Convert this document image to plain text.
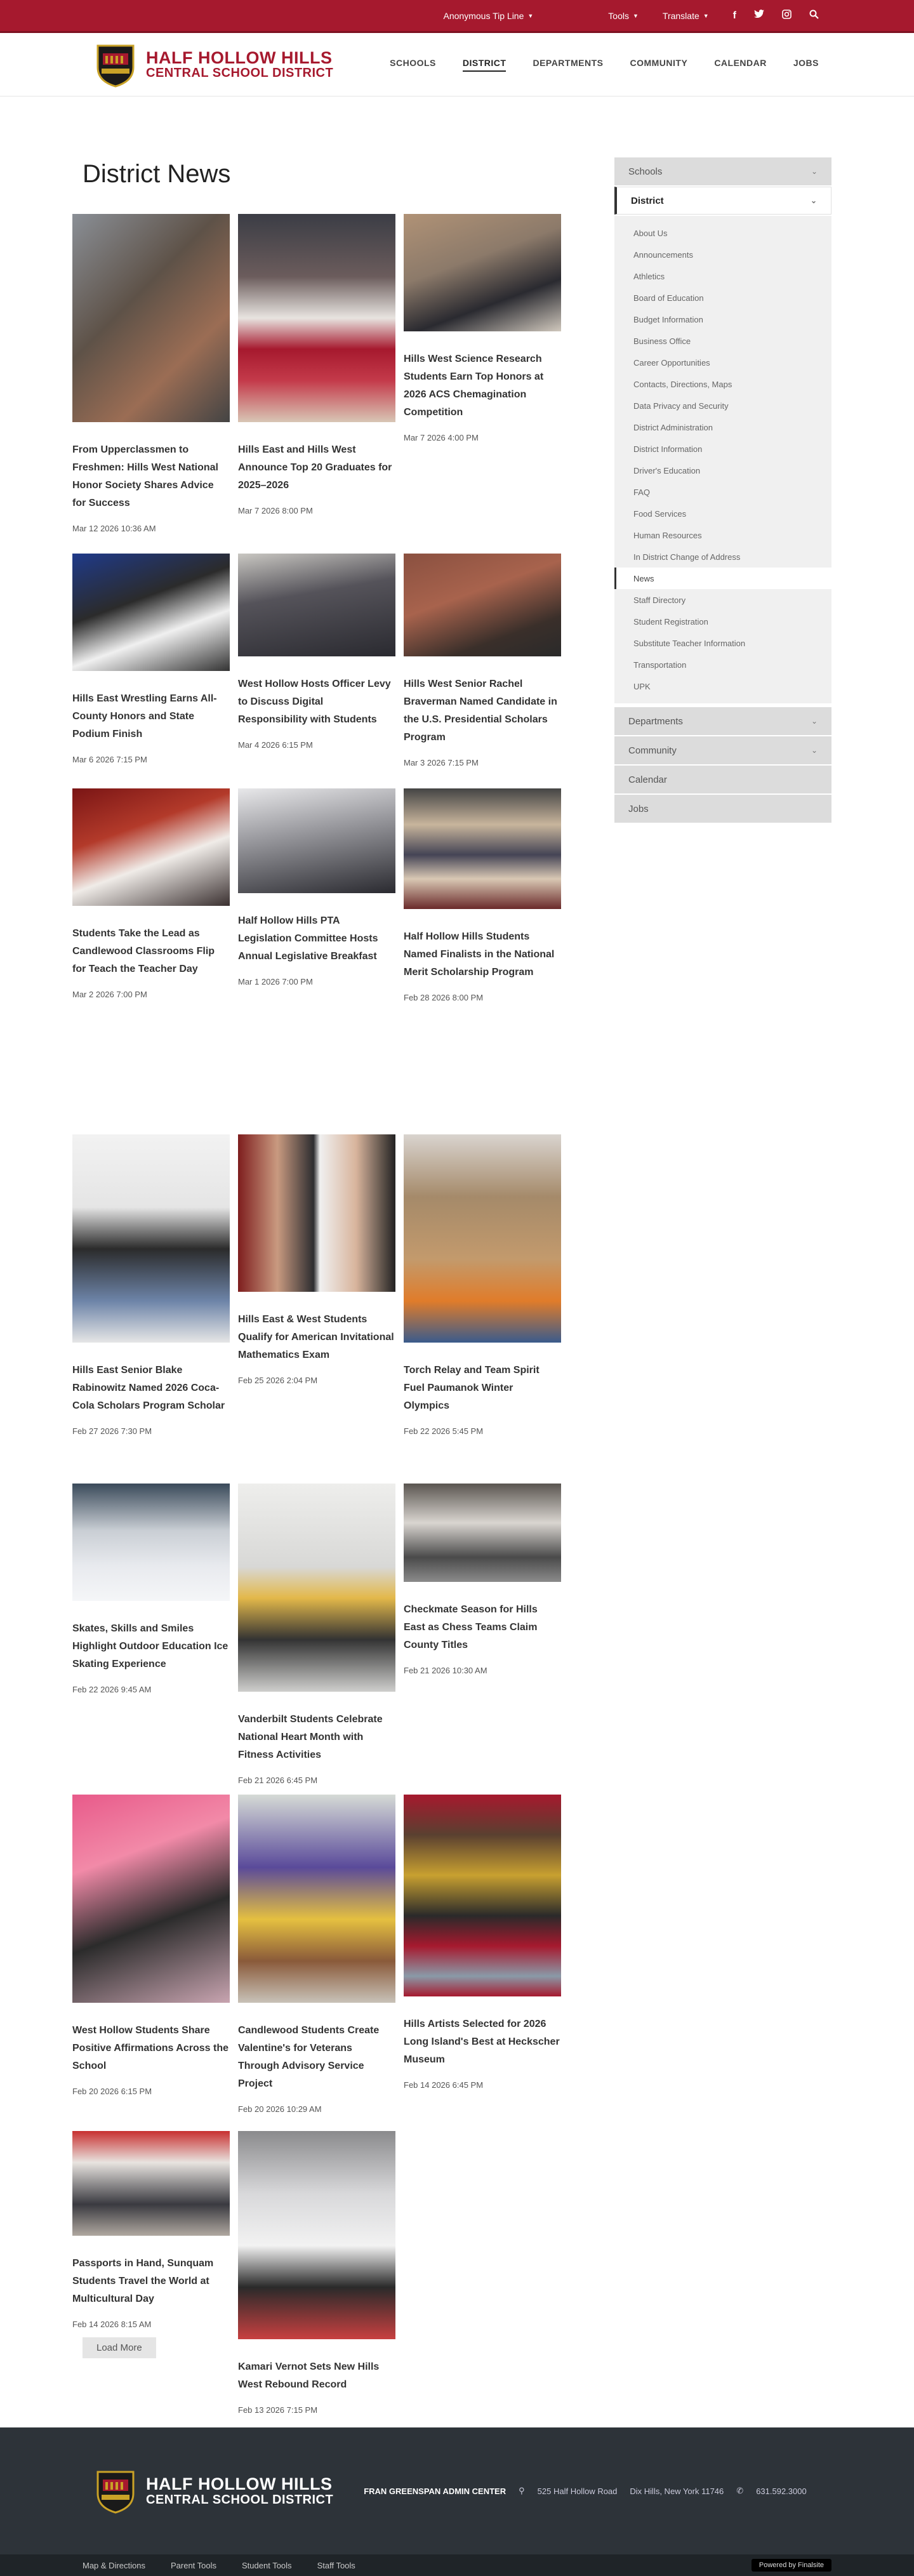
Anonymous Tip Line ▼	Tools ▼	Translate ▼ f
HALF HOLLOW HILLS
CENTRAL SCHOOL DISTRICT
SCHOOLS	DISTRICT	DEPARTMENTS	COMMUNITY	CALENDAR	JOBS
District News
From Upperclassmen to Freshmen: Hills West National Honor Society Shares Advice for Success
Mar 12 2026 10:36 AM
Hills East and Hills West Announce Top 20 Graduates for 2025–2026
Mar 7 2026 8:00 PM
Hills West Science Research Students Earn Top Honors at 2026 ACS Chemagination Competition
Mar 7 2026 4:00 PM
Hills East Wrestling Earns All-County Honors and State Podium Finish
Mar 6 2026 7:15 PM
West Hollow Hosts Officer Levy to Discuss Digital Responsibility with Students
Mar 4 2026 6:15 PM
Hills West Senior Rachel Braverman Named Candidate in the U.S. Presidential Scholars Program
Mar 3 2026 7:15 PM
Students Take the Lead as Candlewood Classrooms Flip for Teach the Teacher Day
Mar 2 2026 7:00 PM
Half Hollow Hills PTA Legislation Committee Hosts Annual Legislative Breakfast
Mar 1 2026 7:00 PM
Half Hollow Hills Students Named Finalists in the National Merit Scholarship Program
Feb 28 2026 8:00 PM
Hills East Senior Blake Rabinowitz Named 2026 Coca-Cola Scholars Program Scholar
Feb 27 2026 7:30 PM
Hills East & West Students Qualify for American Invitational Mathematics Exam
Feb 25 2026 2:04 PM
Torch Relay and Team Spirit Fuel Paumanok Winter Olympics
Feb 22 2026 5:45 PM
Skates, Skills and Smiles Highlight Outdoor Education Ice Skating Experience
Feb 22 2026 9:45 AM
Vanderbilt Students Celebrate National Heart Month with Fitness Activities
Feb 21 2026 6:45 PM
Checkmate Season for Hills East as Chess Teams Claim County Titles
Feb 21 2026 10:30 AM
West Hollow Students Share Positive Affirmations Across the School
Feb 20 2026 6:15 PM
Candlewood Students Create Valentine's for Veterans Through Advisory Service Project
Feb 20 2026 10:29 AM
Hills Artists Selected for 2026 Long Island's Best at Heckscher Museum
Feb 14 2026 6:45 PM
Passports in Hand, Sunquam Students Travel the World at Multicultural Day
Feb 14 2026 8:15 AM
Kamari Vernot Sets New Hills West Rebound Record
Feb 13 2026 7:15 PM
Load More
Schools	⌄
District	⌄
About Us
Announcements
Athletics
Board of Education
Budget Information
Business Office
Career Opportunities
Contacts, Directions, Maps
Data Privacy and Security
District Administration
District Information
Driver's Education
FAQ
Food Services
Human Resources
In District Change of Address
News
Staff Directory
Student Registration
Substitute Teacher Information
Transportation
UPK
Departments	⌄
Community	⌄
Calendar
Jobs
HALF HOLLOW HILLS
CENTRAL SCHOOL DISTRICT
FRAN GREENSPAN ADMIN CENTER ⚲ 525 Half Hollow Road Dix Hills, New York 11746 ✆ 631.592.3000
Map & Directions	Parent Tools	Student Tools	Staff Tools	Powered by Finalsite
